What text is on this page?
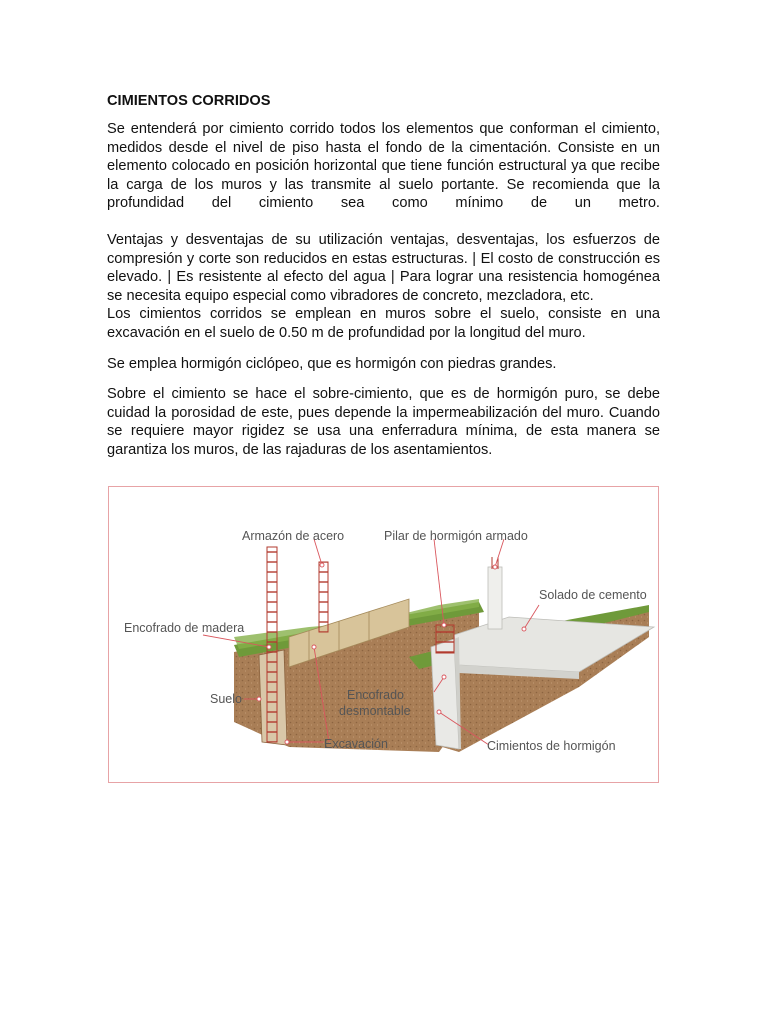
CIMIENTOS CORRIDOS

Se entenderá por cimiento corrido todos los elementos que conforman el cimiento, medidos desde el nivel de piso hasta el fondo de la cimentación. Consiste en un elemento colocado en posición horizontal que tiene función estructural ya que recibe la carga de los muros y las transmite al suelo portante. Se recomienda que la profundidad del cimiento sea como mínimo de un metro.

Ventajas y desventajas de su utilización ventajas, desventajas, los esfuerzos de compresión y corte son reducidos en estas estructuras. | El costo de construcción es elevado. | Es resistente al efecto del agua | Para lograr una resistencia homogénea se necesita equipo especial como vibradores de concreto, mezcladora, etc.

Los cimientos corridos se emplean en muros sobre el suelo, consiste en una excavación en el suelo de 0.50 m de profundidad por la longitud del muro.

Se emplea hormigón ciclópeo, que es hormigón con piedras grandes.

Sobre el cimiento se hace el sobre-cimiento, que es de hormigón puro, se debe cuidad la porosidad de este, pues depende la impermeabilización del muro. Cuando se requiere mayor rigidez se usa una enferradura mínima, de esta manera se garantiza los muros, de las rajaduras de los asentamientos.

Armazón de acero	Pilar de hormigón armado
Solado de cemento
Encofrado de madera
Suelo	Encofrado
desmontable
Excavación	Cimientos de hormigón
